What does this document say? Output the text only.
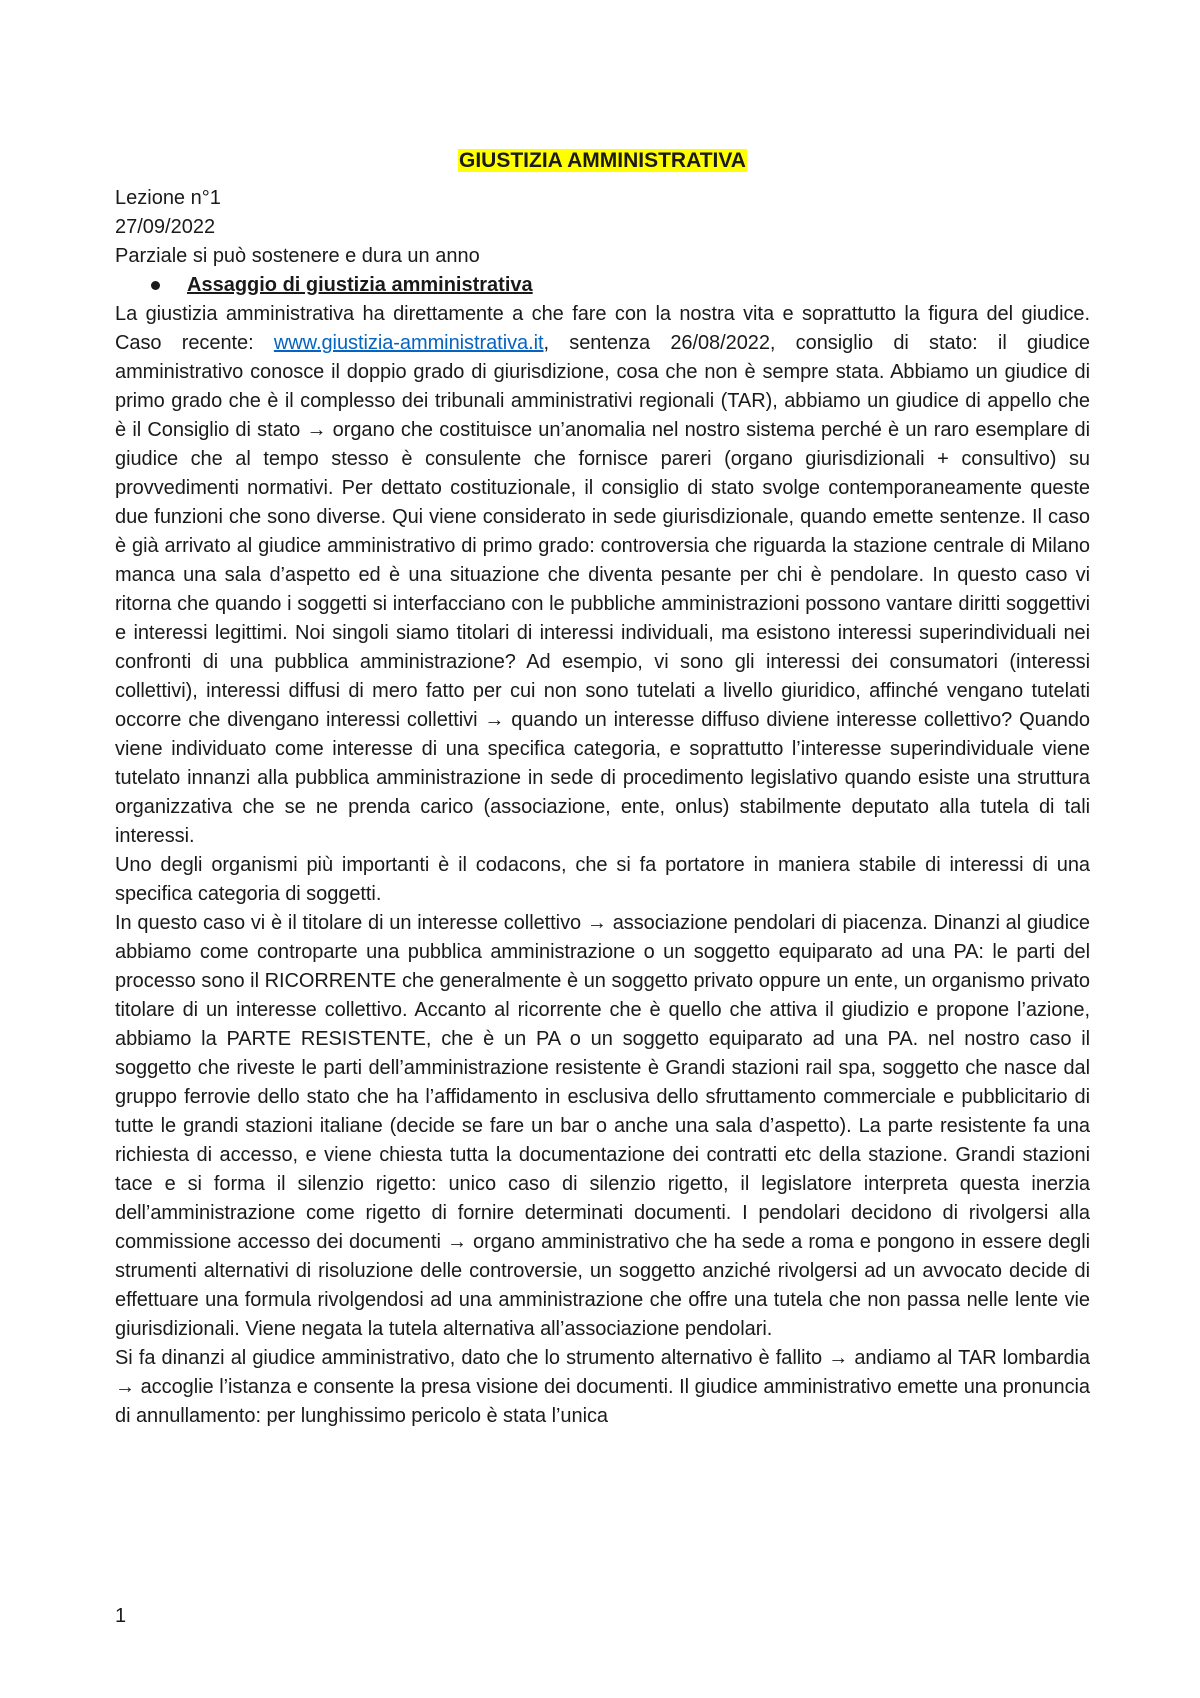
GIUSTIZIA AMMINISTRATIVA

Lezione n°1

27/09/2022

Parziale si può sostenere e dura un anno

Assaggio di giustizia amministrativa

La giustizia amministrativa ha direttamente a che fare con la nostra vita e soprattutto la figura del giudice. Caso recente: www.giustizia-amministrativa.it, sentenza 26/08/2022, consiglio di stato: il giudice amministrativo conosce il doppio grado di giurisdizione, cosa che non è sempre stata. Abbiamo un giudice di primo grado che è il complesso dei tribunali amministrativi regionali (TAR), abbiamo un giudice di appello che è il Consiglio di stato → organo che costituisce un’anomalia nel nostro sistema perché è un raro esemplare di giudice che al tempo stesso è consulente che fornisce pareri (organo giurisdizionali + consultivo) su provvedimenti normativi. Per dettato costituzionale, il consiglio di stato svolge contemporaneamente queste due funzioni che sono diverse. Qui viene considerato in sede giurisdizionale, quando emette sentenze. Il caso è già arrivato al giudice amministrativo di primo grado: controversia che riguarda la stazione centrale di Milano manca una sala d’aspetto ed è una situazione che diventa pesante per chi è pendolare. In questo caso vi ritorna che quando i soggetti si interfacciano con le pubbliche amministrazioni possono vantare diritti soggettivi e interessi legittimi. Noi singoli siamo titolari di interessi individuali, ma esistono interessi superindividuali nei confronti di una pubblica amministrazione? Ad esempio, vi sono gli interessi dei consumatori (interessi collettivi), interessi diffusi di mero fatto per cui non sono tutelati a livello giuridico, affinché vengano tutelati occorre che divengano interessi collettivi → quando un interesse diffuso diviene interesse collettivo? Quando viene individuato come interesse di una specifica categoria, e soprattutto l’interesse superindividuale viene tutelato innanzi alla pubblica amministrazione in sede di procedimento legislativo quando esiste una struttura organizzativa che se ne prenda carico (associazione, ente, onlus) stabilmente deputato alla tutela di tali interessi.

Uno degli organismi più importanti è il codacons, che si fa portatore in maniera stabile di interessi di una specifica categoria di soggetti.

In questo caso vi è il titolare di un interesse collettivo → associazione pendolari di piacenza. Dinanzi al giudice abbiamo come controparte una pubblica amministrazione o un soggetto equiparato ad una PA: le parti del processo sono il RICORRENTE che generalmente è un soggetto privato oppure un ente, un organismo privato titolare di un interesse collettivo. Accanto al ricorrente che è quello che attiva il giudizio e propone l’azione, abbiamo la PARTE RESISTENTE, che è un PA o un soggetto equiparato ad una PA. nel nostro caso il soggetto che riveste le parti dell’amministrazione resistente è Grandi stazioni rail spa, soggetto che nasce dal gruppo ferrovie dello stato che ha l’affidamento in esclusiva dello sfruttamento commerciale e pubblicitario di tutte le grandi stazioni italiane (decide se fare un bar o anche una sala d’aspetto). La parte resistente fa una richiesta di accesso, e viene chiesta tutta la documentazione dei contratti etc della stazione. Grandi stazioni tace e si forma il silenzio rigetto: unico caso di silenzio rigetto, il legislatore interpreta questa inerzia dell’amministrazione come rigetto di fornire determinati documenti. I pendolari decidono di rivolgersi alla commissione accesso dei documenti → organo amministrativo che ha sede a roma e pongono in essere degli strumenti alternativi di risoluzione delle controversie, un soggetto anziché rivolgersi ad un avvocato decide di effettuare una formula rivolgendosi ad una amministrazione che offre una tutela che non passa nelle lente vie giurisdizionali. Viene negata la tutela alternativa all’associazione pendolari.

Si fa dinanzi al giudice amministrativo, dato che lo strumento alternativo è fallito → andiamo al TAR lombardia → accoglie l’istanza e consente la presa visione dei documenti. Il giudice amministrativo emette una pronuncia di annullamento: per lunghissimo pericolo è stata l’unica

1
